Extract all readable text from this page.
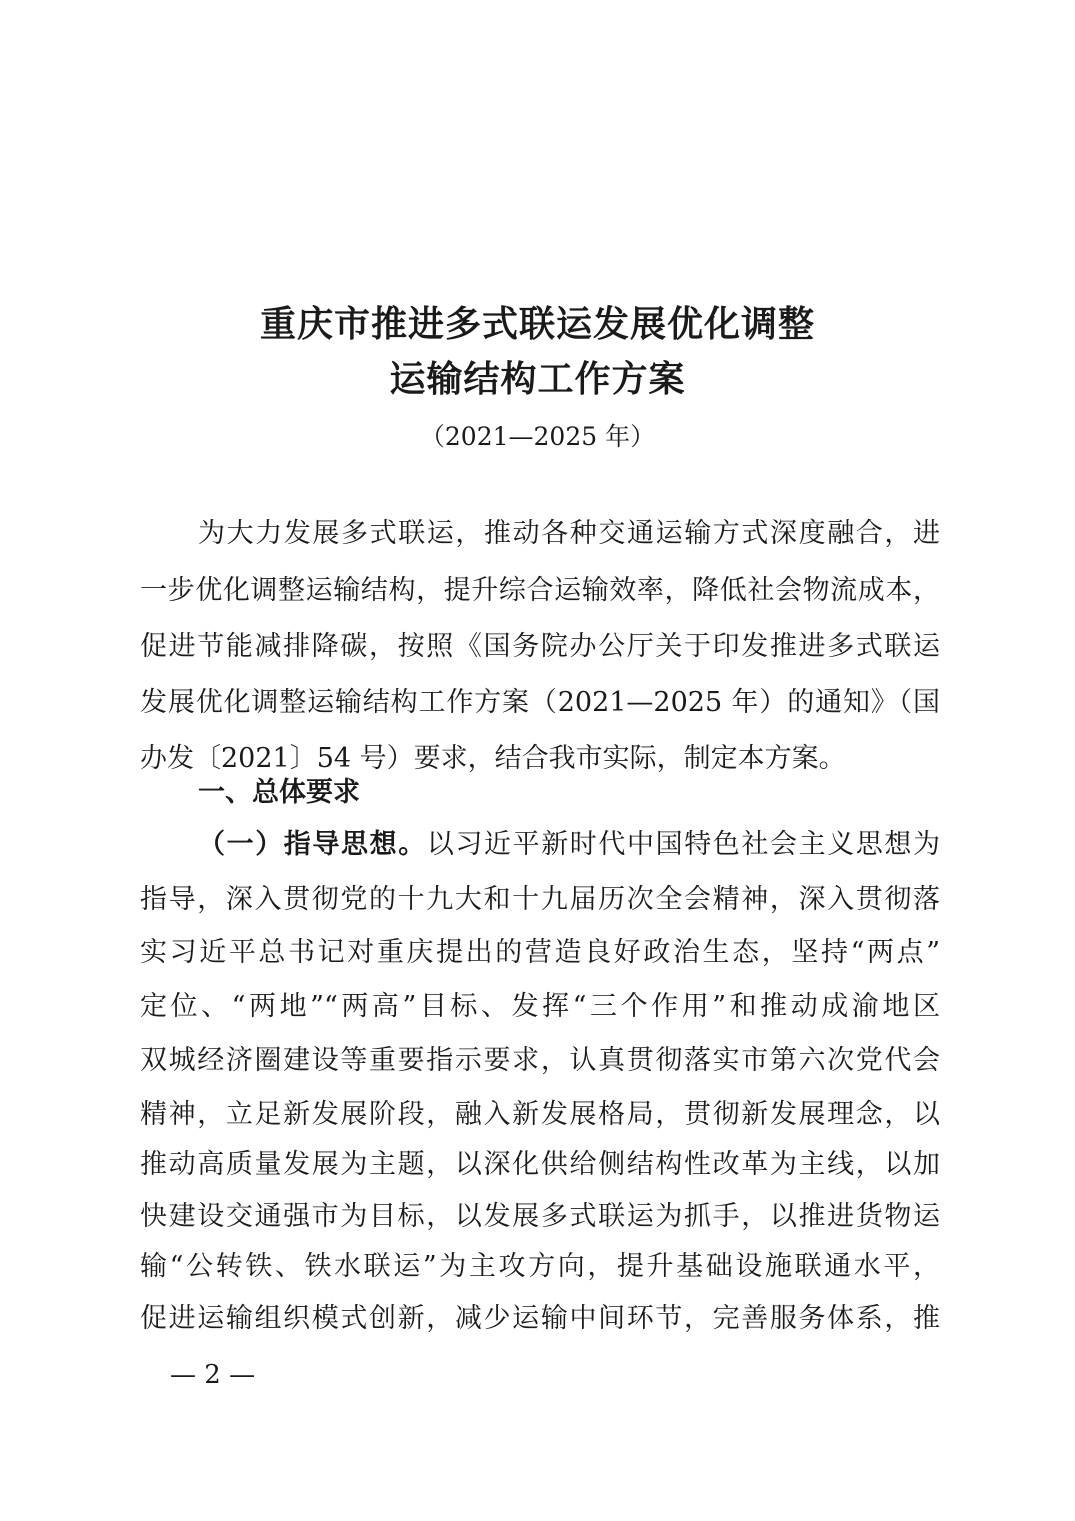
重庆市推进多式联运发展优化调整
运输结构工作方案
（2021—2025 年）
为大力发展多式联运，推动各种交通运输方式深度融合，进
一步优化调整运输结构，提升综合运输效率，降低社会物流成本，
促进节能减排降碳，按照《国务院办公厅关于印发推进多式联运
发展优化调整运输结构工作方案（2021—2025 年）的通知》（国
办发〔2021〕54 号）要求，结合我市实际，制定本方案。
一、总体要求
（一）指导思想。以习近平新时代中国特色社会主义思想为
指导，深入贯彻党的十九大和十九届历次全会精神，深入贯彻落
实习近平总书记对重庆提出的营造良好政治生态，坚持“两点”
定位、“两地”“两高”目标、发挥“三个作用”和推动成渝地区
双城经济圈建设等重要指示要求，认真贯彻落实市第六次党代会
精神，立足新发展阶段，融入新发展格局，贯彻新发展理念，以
推动高质量发展为主题，以深化供给侧结构性改革为主线，以加
快建设交通强市为目标，以发展多式联运为抓手，以推进货物运
输“公转铁、铁水联运”为主攻方向，提升基础设施联通水平，
促进运输组织模式创新，减少运输中间环节，完善服务体系，推
— 2 —
